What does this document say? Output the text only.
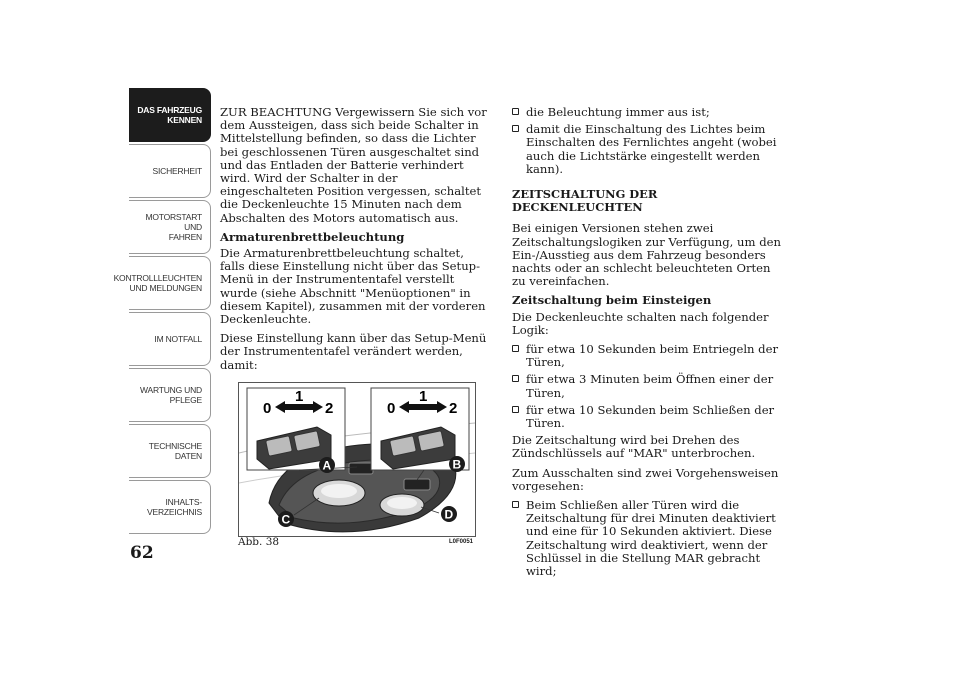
DAS FAHRZEUG
KENNEN
SICHERHEIT
MOTORSTART UND
FAHREN
KONTROLLLEUCHTEN
UND MELDUNGEN
IM NOTFALL
WARTUNG UND
PFLEGE
TECHNISCHE
DATEN
INHALTS-
VERZEICHNIS
62

ZUR BEACHTUNG Vergewissern Sie sich vor dem Aussteigen, dass sich beide Schalter in Mittelstellung befinden, so dass die Lichter bei geschlossenen Türen ausgeschaltet sind und das Entladen der Batterie verhindert wird. Wird der Schalter in der eingeschalteten Position vergessen, schaltet die Deckenleuchte 15 Minuten nach dem Abschalten des Motors automatisch aus.

Armaturenbrettbeleuchtung

Die Armaturenbrettbeleuchtung schaltet, falls diese Einstellung nicht über das Setup-Menü in der Instrumententafel verstellt wurde (siehe Abschnitt "Menüoptionen" in diesem Kapitel), zusammen mit der vorderen Deckenleuchte.

Diese Einstellung kann über das Setup-Menü der Instrumententafel verändert werden, damit:

0
1
2	0
1
2
A	B
C	D
Abb. 38	L0F0051
die Beleuchtung immer aus ist;
damit die Einschaltung des Lichtes beim Einschalten des Fernlichtes angeht (wobei auch die Lichtstärke eingestellt werden kann).
ZEITSCHALTUNG DER DECKENLEUCHTEN

Bei einigen Versionen stehen zwei Zeitschaltungslogiken zur Verfügung, um den Ein-/Ausstieg aus dem Fahrzeug besonders nachts oder an schlecht beleuchteten Orten zu vereinfachen.

Zeitschaltung beim Einsteigen

Die Deckenleuchte schalten nach folgender Logik:

für etwa 10 Sekunden beim Entriegeln der Türen,
für etwa 3 Minuten beim Öffnen einer der Türen,
für etwa 10 Sekunden beim Schließen der Türen.

Die Zeitschaltung wird bei Drehen des Zündschlüssels auf "MAR" unterbrochen.

Zum Ausschalten sind zwei Vorgehensweisen vorgesehen:

Beim Schließen aller Türen wird die Zeitschaltung für drei Minuten deaktiviert und eine für 10 Sekunden aktiviert. Diese Zeitschaltung wird deaktiviert, wenn der Schlüssel in die Stellung MAR gebracht wird;
